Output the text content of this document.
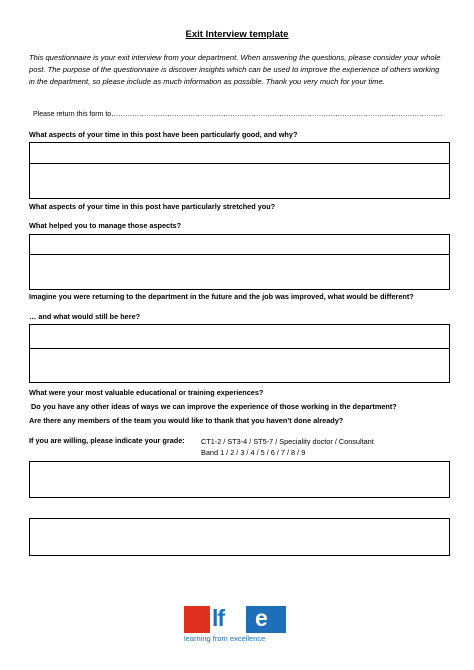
Exit Interview template
This questionnaire is your exit interview from your department. When answering the questions, please consider your whole post. The purpose of the questionnaire is discover insights which can be used to improve the experience of others working in the department, so please include as much information as possible. Thank you very much for your time.
Please return this form to…………………………………………………………………………………………………………………………….
What aspects of your time in this post have been particularly good, and why?
What aspects of your time in this post have particularly stretched you?
What helped you to manage those aspects?
Imagine you were returning to the department in the future and the job was improved, what would be different?
… and what would still be here?
What were your most valuable educational or training experiences?
Do you have any other ideas of ways we can improve the experience of those working in the department?
Are there any members of the team you would like to thank that you haven’t done already?
If you are willing, please indicate your grade: CT1-2 / ST3-4 / ST5-7 / Speciality doctor / Consultant
Band 1 / 2 / 3 / 4 / 5 / 6 / 7 / 8 / 9
lf e
learning from excellence
